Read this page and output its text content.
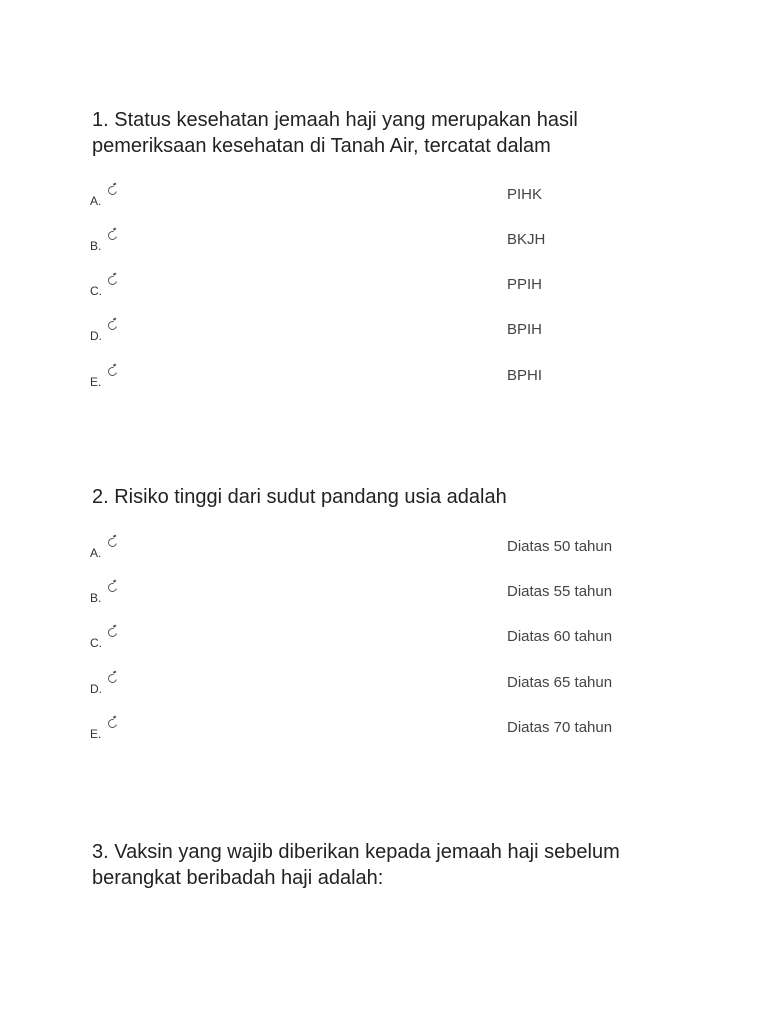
1. Status kesehatan jemaah haji yang merupakan hasil pemeriksaan kesehatan di Tanah Air, tercatat dalam

A.	PIHK
B.	BKJH
C.	PPIH
D.	BPIH
E.	BPHI

2. Risiko tinggi dari sudut pandang usia adalah

A.	Diatas 50 tahun
B.	Diatas 55 tahun
C.	Diatas 60 tahun
D.	Diatas 65 tahun
E.	Diatas 70 tahun

3. Vaksin yang wajib diberikan kepada jemaah haji sebelum berangkat beribadah haji adalah:
